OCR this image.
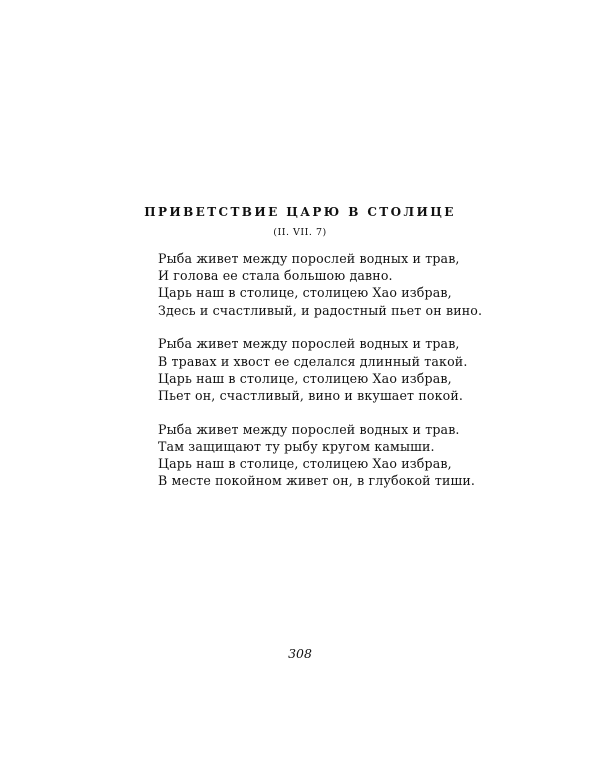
ПРИВЕТСТВИЕ ЦАРЮ В СТОЛИЦЕ
(II. VII. 7)
Рыба живет между порослей водных и трав,
И голова ее стала большою давно.
Царь наш в столице, столицею Хао избрав,
Здесь и счастливый, и радостный пьет он вино.
Рыба живет между порослей водных и трав,
В травах и хвост ее сделался длинный такой.
Царь наш в столице, столицею Хао избрав,
Пьет он, счастливый, вино и вкушает покой.
Рыба живет между порослей водных и трав.
Там защищают ту рыбу кругом камыши.
Царь наш в столице, столицею Хао избрав,
В месте покойном живет он, в глубокой тиши.
308
